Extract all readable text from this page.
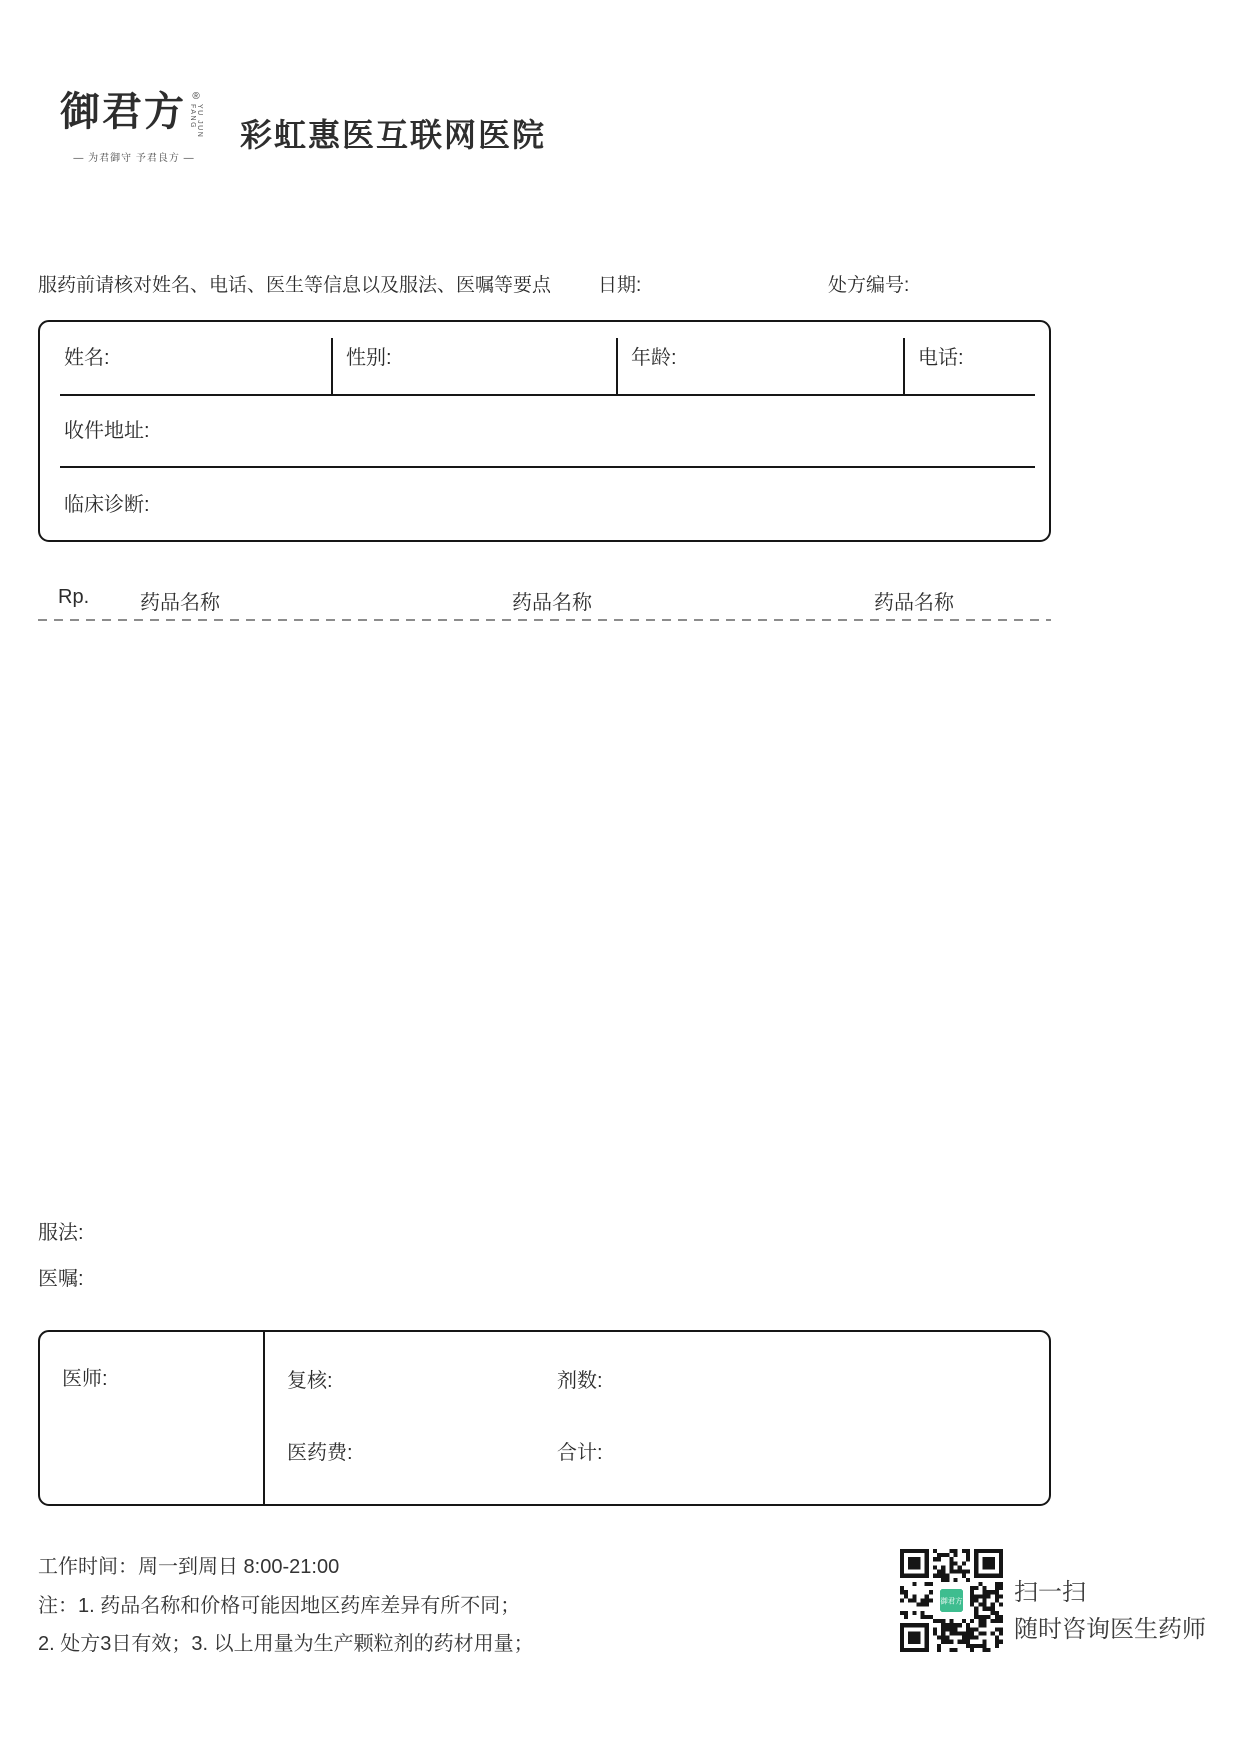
御君方 ®
YU JUN FANG
— 为君御守 予君良方 —
彩虹惠医互联网医院
服药前请核对姓名、电话、医生等信息以及服法、医嘱等要点 日期:	处方编号:
姓名:	性别:	年龄:	电话:
收件地址:
临床诊断:
Rp.	药品名称	药品名称	药品名称
服法:
医嘱:
医师:	复核:	剂数:
医药费:	合计:
工作时间：周一到周日 8:00-21:00
注：1. 药品名称和价格可能因地区药库差异有所不同；
2. 处方3日有效；3. 以上用量为生产颗粒剂的药材用量；
御君方 扫一扫
随时咨询医生药师
